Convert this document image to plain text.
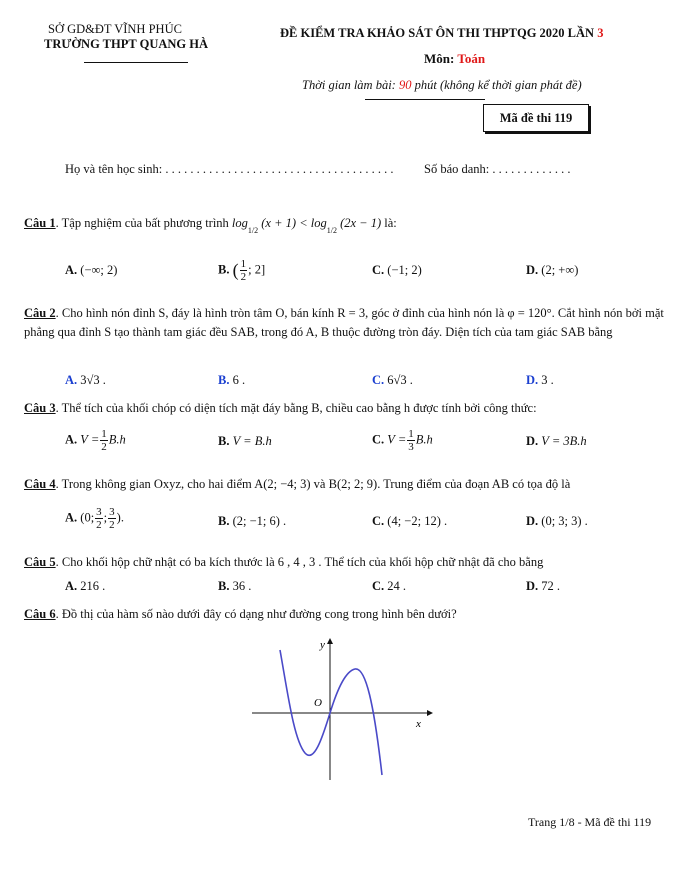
SỞ GD&ĐT VĨNH PHÚC
TRƯỜNG THPT QUANG HÀ
ĐỀ KIỂM TRA KHẢO SÁT ÔN THI THPTQG 2020 LẦN 3
Môn: Toán
Thời gian làm bài: 90 phút (không kể thời gian phát đề)
Mã đề thi 119
Họ và tên học sinh: . . . . . . . . . . . . . . . . . . . . . . . . . . . . . . . . . . . . . Số báo danh: . . . . . . . . . . . . .
Câu 1. Tập nghiệm của bất phương trình $\log_{1/2} (x + 1) < \log_{1/2} (2x - 1)$ là:
A. (−∞; 2)	B. ( $\frac{1}{2}$ ; 2]	C. (−1; 2)	D. (2; +∞)
Câu 2. Cho hình nón đỉnh S, đáy là hình tròn tâm O, bán kính R = 3, góc ở đỉnh của hình nón là φ = 120°. Cắt hình nón bởi mặt phẳng qua đỉnh S tạo thành tam giác đều SAB, trong đó A, B thuộc đường tròn đáy. Diện tích của tam giác SAB bằng
A. 3√3 .	B. 6 .	C. 6√3 .	D. 3 .
Câu 3. Thể tích của khối chóp có diện tích mặt đáy bằng B, chiều cao bằng h được tính bởi công thức:
A. $V = \frac{1}{2} B.h$	B. V = B.h	C. $V = \frac{1}{3} B.h$	D. V = 3B.h
Câu 4. Trong không gian Oxyz, cho hai điểm A(2; −4; 3) và B(2; 2; 9). Trung điểm của đoạn AB có tọa độ là
A. (0; $\frac{3}{2}$ ; $\frac{3}{2}$ ).	B. (2; −1; 6) .	C. (4; −2; 12) .	D. (0; 3; 3) .
Câu 5. Cho khối hộp chữ nhật có ba kích thước là 6 , 4 , 3 . Thể tích của khối hộp chữ nhật đã cho bằng
A. 216 .	B. 36 .	C. 24 .	D. 72 .
Câu 6. Đồ thị của hàm số nào dưới đây có dạng như đường cong trong hình bên dưới?
x
y
O
Trang 1/8 - Mã đề thi 119
